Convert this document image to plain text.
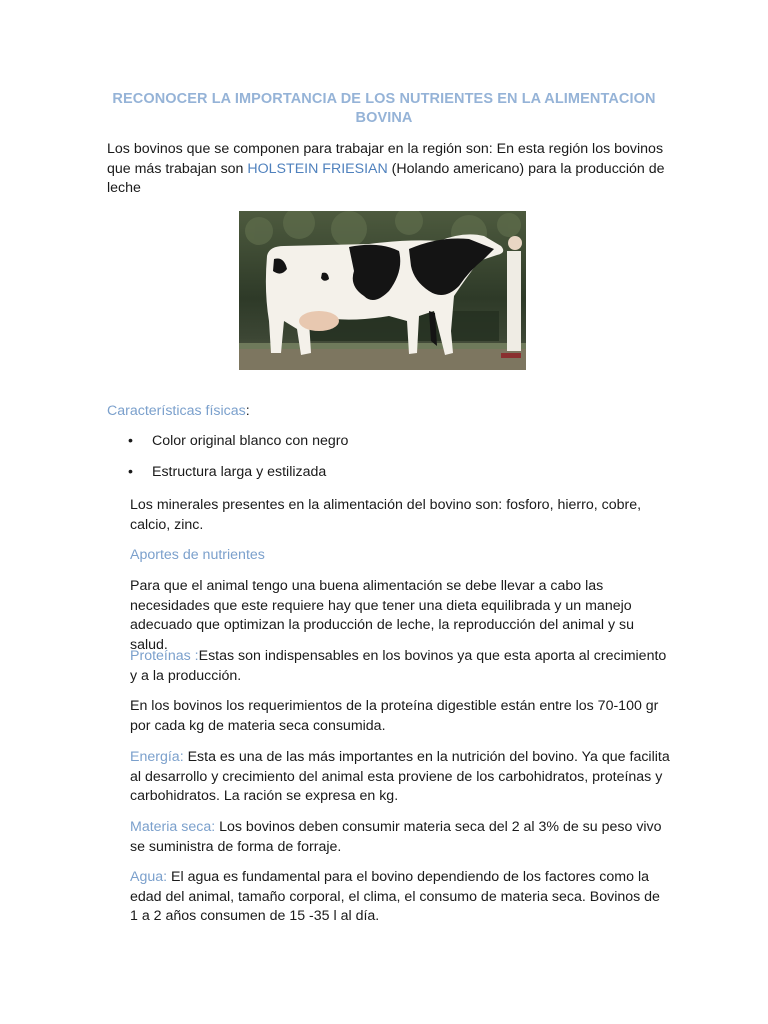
RECONOCER LA IMPORTANCIA DE LOS NUTRIENTES EN LA ALIMENTACION BOVINA
Los bovinos que se componen para trabajar en la región son: En esta región los bovinos que más trabajan son HOLSTEIN FRIESIAN (Holando americano) para la producción de leche
Características físicas:
• Color original blanco con negro
• Estructura larga y estilizada
Los minerales presentes en la alimentación del bovino son: fosforo, hierro, cobre, calcio, zinc.
Aportes de nutrientes
Para que el animal tengo una buena alimentación se debe llevar a cabo las necesidades que este requiere hay que tener una dieta equilibrada y un manejo adecuado que optimizan la producción de leche, la reproducción del animal y su salud.
Proteínas :Estas son indispensables en los bovinos ya que esta aporta al crecimiento y a la producción.
En los bovinos los requerimientos de la proteína digestible están entre los 70-100 gr por cada kg de materia seca consumida.
Energía: Esta es una de las más importantes en la nutrición del bovino. Ya que facilita al desarrollo y crecimiento del animal esta proviene de los carbohidratos, proteínas y carbohidratos. La ración se expresa en kg.
Materia seca: Los bovinos deben consumir materia seca del 2 al 3% de su peso vivo se suministra de forma de forraje.
Agua: El agua es fundamental para el bovino dependiendo de los factores como la edad del animal, tamaño corporal, el clima, el consumo de materia seca. Bovinos de 1 a 2 años consumen de 15 -35 l al día.
